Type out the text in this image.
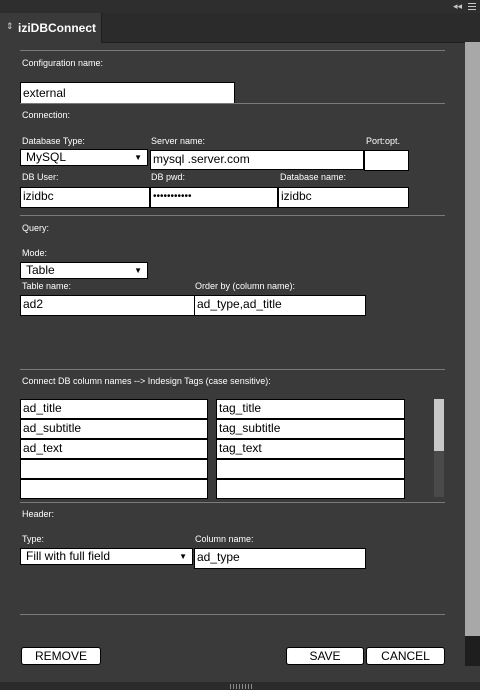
◂◂
⇕ iziDBConnect
Configuration name:
external
Connection:
Database Type:	Server name:	Port:opt.
MySQL	▼ mysql .server.com
DB User:	DB pwd:	Database name:
izidbc	•••••••••••	izidbc
Query:
Mode:
Table	▼
Table name:	Order by (column name):
ad2	ad_type,ad_title
Connect DB column names --> Indesign Tags (case sensitive):
ad_title	tag_title
ad_subtitle	tag_subtitle
ad_text	tag_text
Header:
Type:	Column name:
Fill with full field	▼ ad_type
REMOVE	SAVE	CANCEL
